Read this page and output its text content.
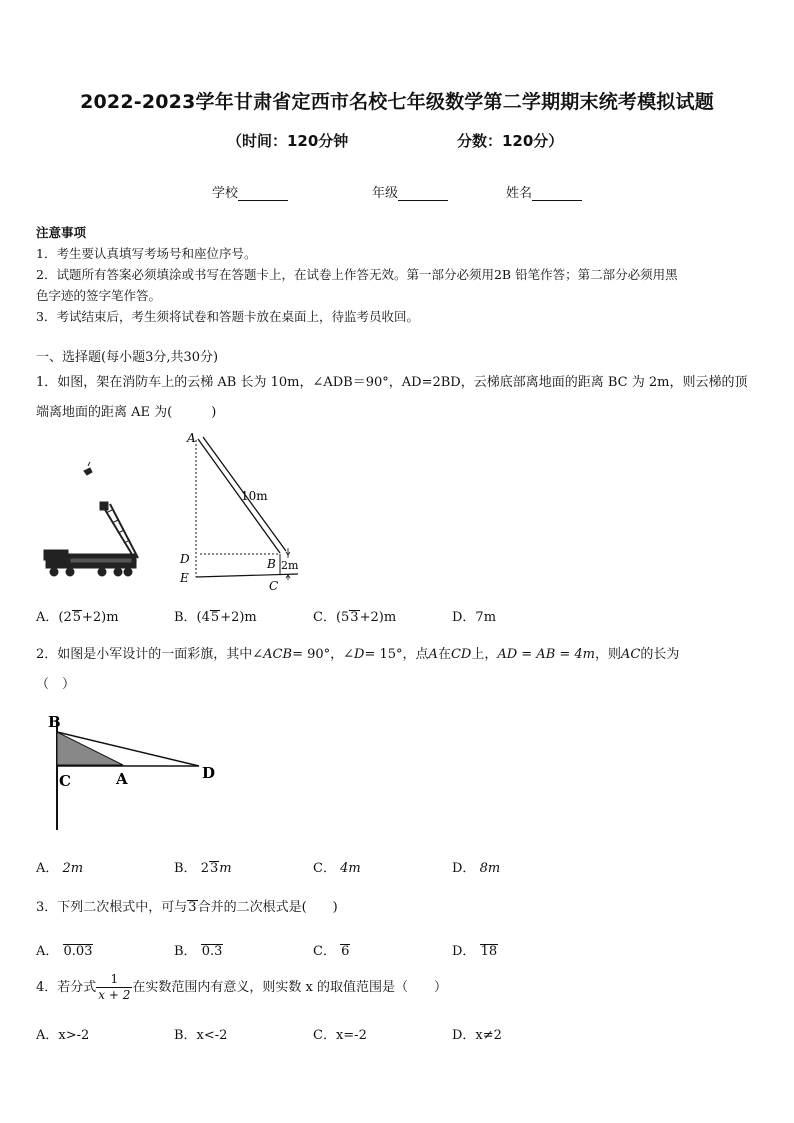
2022-2023学年甘肃省定西市名校七年级数学第二学期期末统考模拟试题
（时间：120分钟	分数：120分）
学校	年级	姓名
注意事项
1．考生要认真填写考场号和座位序号。
2．试题所有答案必须填涂或书写在答题卡上，在试卷上作答无效。第一部分必须用2B 铅笔作答；第二部分必须用黑
色字迹的签字笔作答。
3．考试结束后，考生须将试卷和答题卡放在桌面上，待监考员收回。
一、选择题(每小题3分,共30分)
1．如图，架在消防车上的云梯 AB 长为 10m，∠ADB＝90°，AD=2BD，云梯底部离地面的距离 BC 为 2m，则云梯的顶
端离地面的距离 AE 为(　　　)
A
D
E
B
C
10m
2m
A．(25+2)m	B．(45+2)m	C．(53+2)m	D．7m
2．如图是小军设计的一面彩旗，其中∠ACB= 90°，∠D= 15°，点A在CD上，AD = AB = 4m，则AC的长为
（　）
B
C	A	D
A． 2m	B． 23m	C． 4m	D． 8m
3．下列二次根式中，可与3合并的二次根式是(　　)
A． 0.03	B． 0.3	C． 6	D． 18
4．若分式 $\frac{1}{x + 2}$ 在实数范围内有意义，则实数 x 的取值范围是（　　）
A．x>-2	B．x<-2	C．x=-2	D．x≠2
